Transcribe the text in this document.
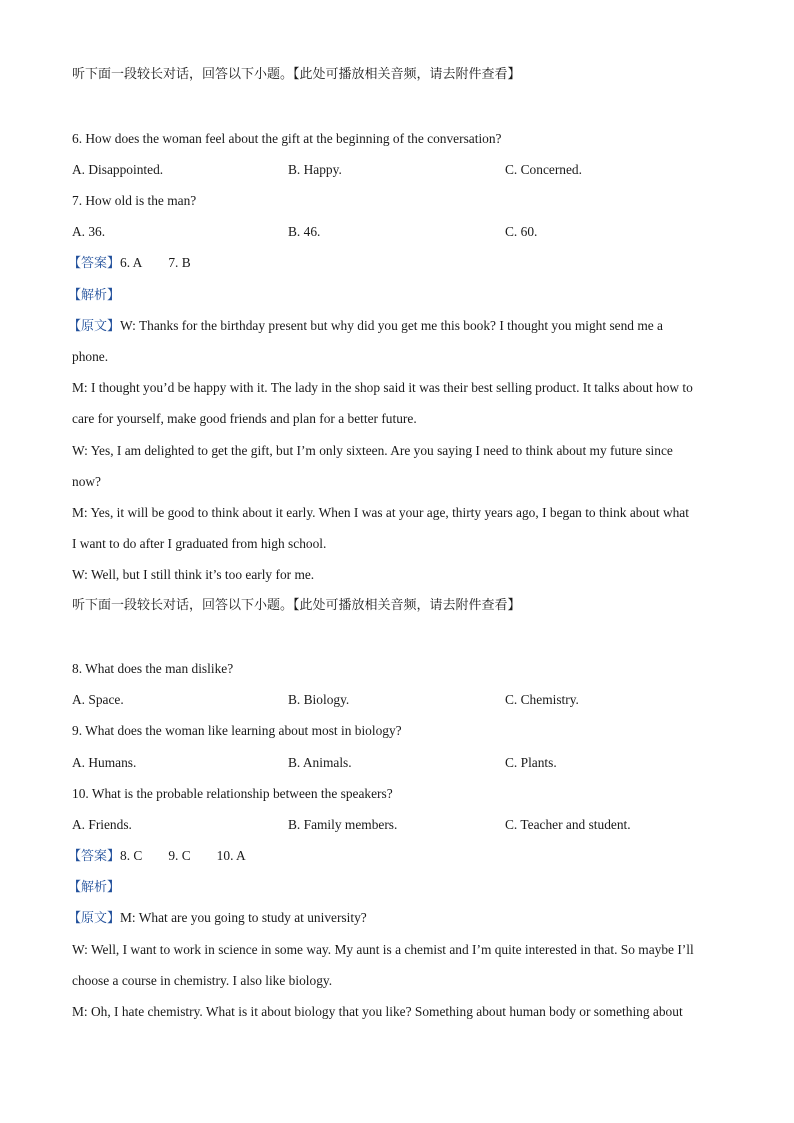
听下面一段较长对话，回答以下小题。【此处可播放相关音频，请去附件查看】
6. How does the woman feel about the gift at the beginning of the conversation?
A. Disappointed.	B. Happy.	C. Concerned.
7. How old is the man?
A. 36.	B. 46.	C. 60.
【答案】6. A 7. B
【解析】
【原文】W: Thanks for the birthday present but why did you get me this book? I thought you might send me a
phone.
M: I thought you’d be happy with it. The lady in the shop said it was their best selling product. It talks about how to
care for yourself, make good friends and plan for a better future.
W: Yes, I am delighted to get the gift, but I’m only sixteen. Are you saying I need to think about my future since
now?
M: Yes, it will be good to think about it early. When I was at your age, thirty years ago, I began to think about what
I want to do after I graduated from high school.
W: Well, but I still think it’s too early for me.
听下面一段较长对话，回答以下小题。【此处可播放相关音频，请去附件查看】
8. What does the man dislike?
A. Space.	B. Biology.	C. Chemistry.
9. What does the woman like learning about most in biology?
A. Humans.	B. Animals.	C. Plants.
10. What is the probable relationship between the speakers?
A. Friends.	B. Family members.	C. Teacher and student.
【答案】8. C 9. C 10. A
【解析】
【原文】M: What are you going to study at university?
W: Well, I want to work in science in some way. My aunt is a chemist and I’m quite interested in that. So maybe I’ll
choose a course in chemistry. I also like biology.
M: Oh, I hate chemistry. What is it about biology that you like? Something about human body or something about
